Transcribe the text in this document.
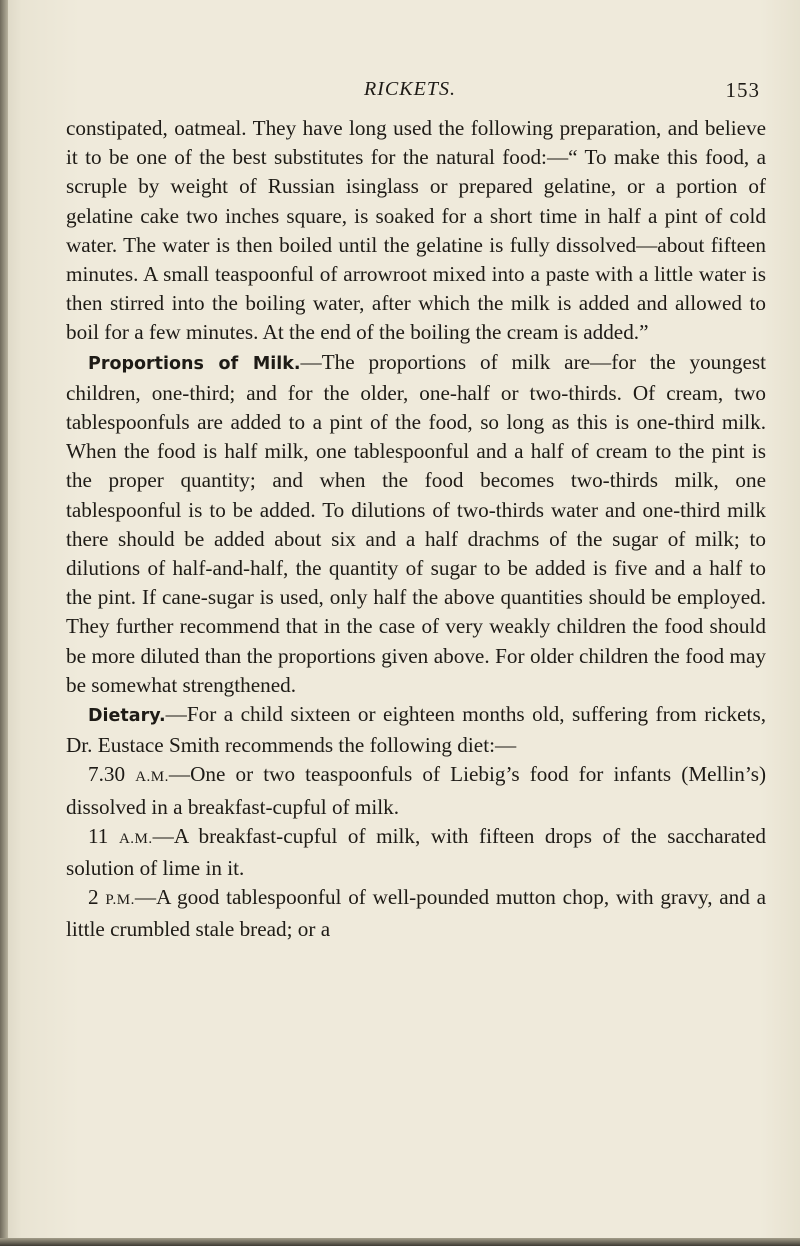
RICKETS.	153

constipated, oatmeal. They have long used the following preparation, and believe it to be one of the best substitutes for the natural food:—“ To make this food, a scruple by weight of Russian isinglass or prepared gelatine, or a portion of gelatine cake two inches square, is soaked for a short time in half a pint of cold water. The water is then boiled until the gelatine is fully dissolved—about fifteen minutes. A small teaspoonful of arrowroot mixed into a paste with a little water is then stirred into the boiling water, after which the milk is added and allowed to boil for a few minutes. At the end of the boiling the cream is added.”

Proportions of Milk.—The proportions of milk are—for the youngest children, one-third; and for the older, one-half or two-thirds. Of cream, two tablespoonfuls are added to a pint of the food, so long as this is one-third milk. When the food is half milk, one tablespoonful and a half of cream to the pint is the proper quantity; and when the food becomes two-thirds milk, one tablespoonful is to be added. To dilutions of two-thirds water and one-third milk there should be added about six and a half drachms of the sugar of milk; to dilutions of half-and-half, the quantity of sugar to be added is five and a half to the pint. If cane-sugar is used, only half the above quantities should be employed. They further recommend that in the case of very weakly children the food should be more diluted than the proportions given above. For older children the food may be somewhat strengthened.

Dietary.—For a child sixteen or eighteen months old, suffering from rickets, Dr. Eustace Smith recommends the following diet:—

7.30 A.M.—One or two teaspoonfuls of Liebig’s food for infants (Mellin’s) dissolved in a breakfast-cupful of milk.

11 A.M.—A breakfast-cupful of milk, with fifteen drops of the saccharated solution of lime in it.

2 P.M.—A good tablespoonful of well-pounded mutton chop, with gravy, and a little crumbled stale bread; or a
